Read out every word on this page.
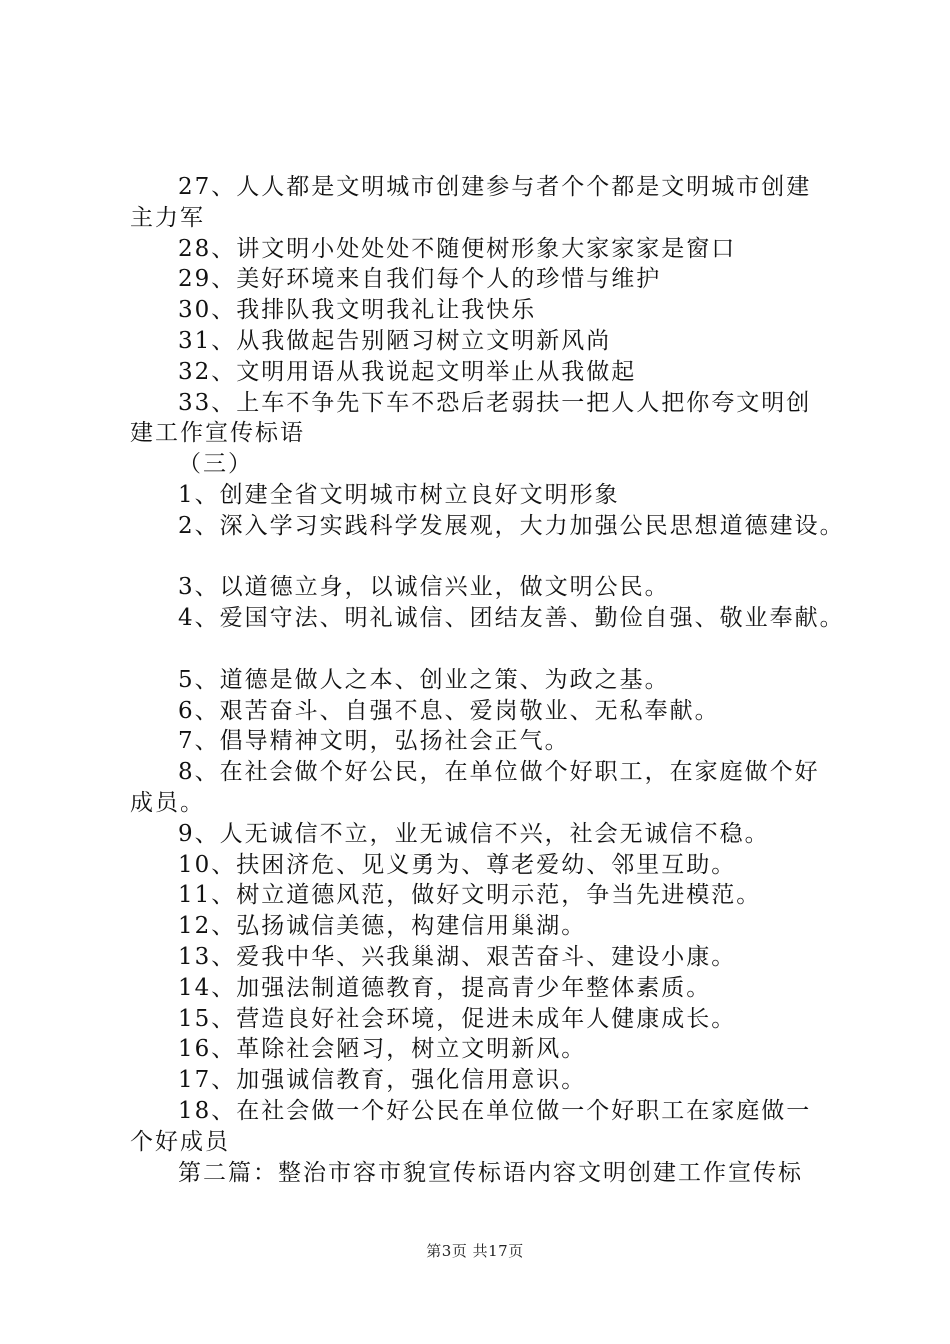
27、人人都是文明城市创建参与者个个都是文明城市创建
主力军
28、讲文明小处处处不随便树形象大家家家是窗口
29、美好环境来自我们每个人的珍惜与维护
30、我排队我文明我礼让我快乐
31、从我做起告别陋习树立文明新风尚
32、文明用语从我说起文明举止从我做起
33、上车不争先下车不恐后老弱扶一把人人把你夸文明创
建工作宣传标语
（三）
1、创建全省文明城市树立良好文明形象
2、深入学习实践科学发展观，大力加强公民思想道德建设。
3、以道德立身，以诚信兴业，做文明公民。
4、爱国守法、明礼诚信、团结友善、勤俭自强、敬业奉献。
5、道德是做人之本、创业之策、为政之基。
6、艰苦奋斗、自强不息、爱岗敬业、无私奉献。
7、倡导精神文明，弘扬社会正气。
8、在社会做个好公民，在单位做个好职工，在家庭做个好
成员。
9、人无诚信不立，业无诚信不兴，社会无诚信不稳。
10、扶困济危、见义勇为、尊老爱幼、邻里互助。
11、树立道德风范，做好文明示范，争当先进模范。
12、弘扬诚信美德，构建信用巢湖。
13、爱我中华、兴我巢湖、艰苦奋斗、建设小康。
14、加强法制道德教育，提高青少年整体素质。
15、营造良好社会环境，促进未成年人健康成长。
16、革除社会陋习，树立文明新风。
17、加强诚信教育，强化信用意识。
18、在社会做一个好公民在单位做一个好职工在家庭做一
个好成员
第二篇：整治市容市貌宣传标语内容文明创建工作宣传标
第3页 共17页
